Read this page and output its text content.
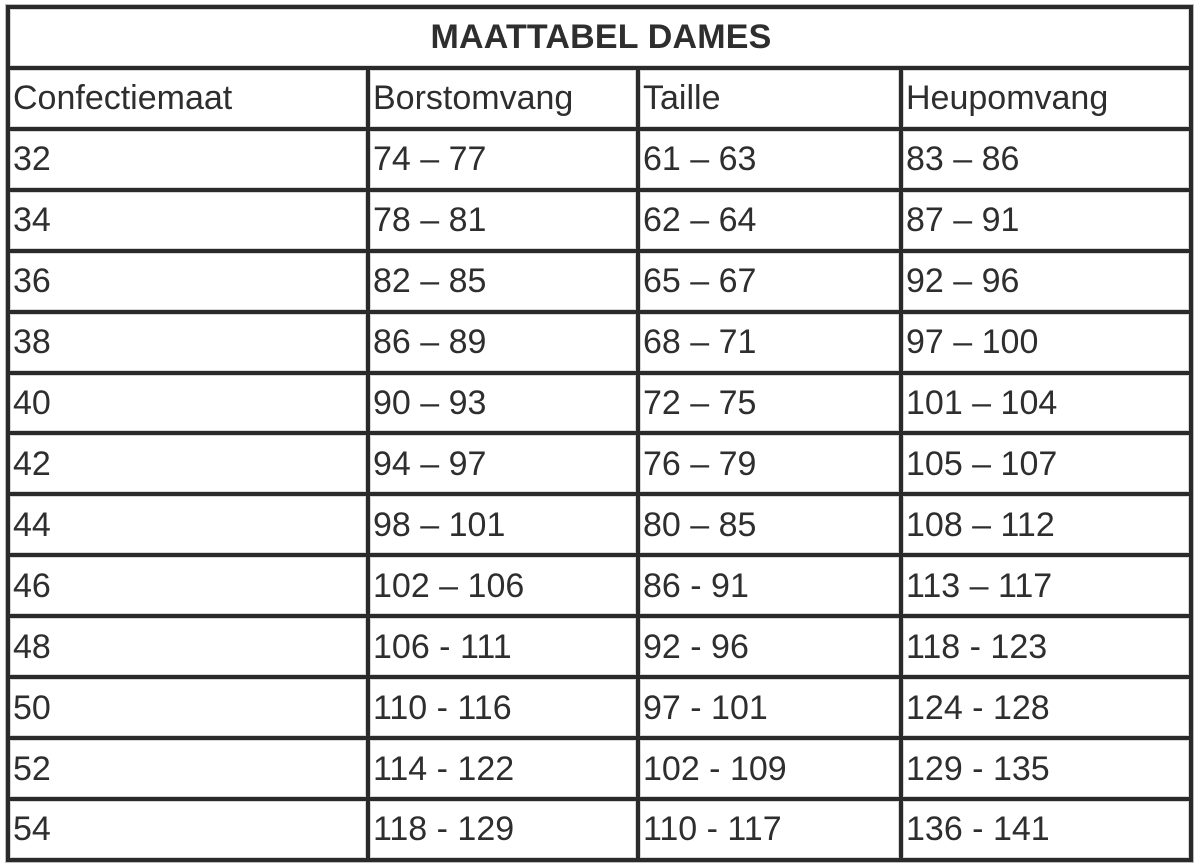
MAATTABEL DAMES			
Confectiemaat	Borstomvang	Taille	Heupomvang
32	74 – 77	61 – 63	83 – 86
34	78 – 81	62 – 64	87 – 91
36	82 – 85	65 – 67	92 – 96
38	86 – 89	68 – 71	97 – 100
40	90 – 93	72 – 75	101 – 104
42	94 – 97	76 – 79	105 – 107
44	98 – 101	80 – 85	108 – 112
46	102 – 106	86 - 91	113 – 117
48	106 - 111	92 - 96	118 - 123
50	110 - 116	97 - 101	124 - 128
52	114 - 122	102 - 109	129 - 135
54	118 - 129	110 - 117	136 - 141
